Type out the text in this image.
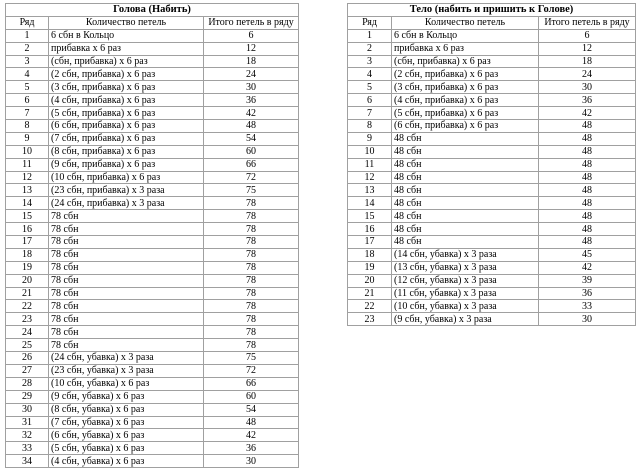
Голова (Набить)		
Ряд	Количество петель	Итого петель в ряду
1	6 сбн в Кольцо	6
2	прибавка х 6 раз	12
3	(сбн, прибавка) х 6 раз	18
4	(2 сбн, прибавка) х 6 раз	24
5	(3 сбн, прибавка) х 6 раз	30
6	(4 сбн, прибавка) х 6 раз	36
7	(5 сбн, прибавка) х 6 раз	42
8	(6 сбн, прибавка) х 6 раз	48
9	(7 сбн, прибавка) х 6 раз	54
10	(8 сбн, прибавка) х 6 раз	60
11	(9 сбн, прибавка) х 6 раз	66
12	(10 сбн, прибавка) х 6 раз	72
13	(23 сбн, прибавка) х 3 раза	75
14	(24 сбн, прибавка) х 3 раза	78
15	78 сбн	78
16	78 сбн	78
17	78 сбн	78
18	78 сбн	78
19	78 сбн	78
20	78 сбн	78
21	78 сбн	78
22	78 сбн	78
23	78 сбн	78
24	78 сбн	78
25	78 сбн	78
26	(24 сбн, убавка) х 3 раза	75
27	(23 сбн, убавка) х 3 раза	72
28	(10 сбн, убавка) х 6 раз	66
29	(9 сбн, убавка) х 6 раз	60
30	(8 сбн, убавка) х 6 раз	54
31	(7 сбн, убавка) х 6 раз	48
32	(6 сбн, убавка) х 6 раз	42
33	(5 сбн, убавка) х 6 раз	36
34	(4 сбн, убавка) х 6 раз	30
Тело (набить и пришить к Голове)		
Ряд	Количество петель	Итого петель в ряду
1	6 сбн в Кольцо	6
2	прибавка х 6 раз	12
3	(сбн, прибавка) х 6 раз	18
4	(2 сбн, прибавка) х 6 раз	24
5	(3 сбн, прибавка) х 6 раз	30
6	(4 сбн, прибавка) х 6 раз	36
7	(5 сбн, прибавка) х 6 раз	42
8	(6 сбн, прибавка) х 6 раз	48
9	48 сбн	48
10	48 сбн	48
11	48 сбн	48
12	48 сбн	48
13	48 сбн	48
14	48 сбн	48
15	48 сбн	48
16	48 сбн	48
17	48 сбн	48
18	(14 сбн, убавка) х 3 раза	45
19	(13 сбн, убавка) х 3 раза	42
20	(12 сбн, убавка) х 3 раза	39
21	(11 сбн, убавка) х 3 раза	36
22	(10 сбн, убавка) х 3 раза	33
23	(9 сбн, убавка) х 3 раза	30
